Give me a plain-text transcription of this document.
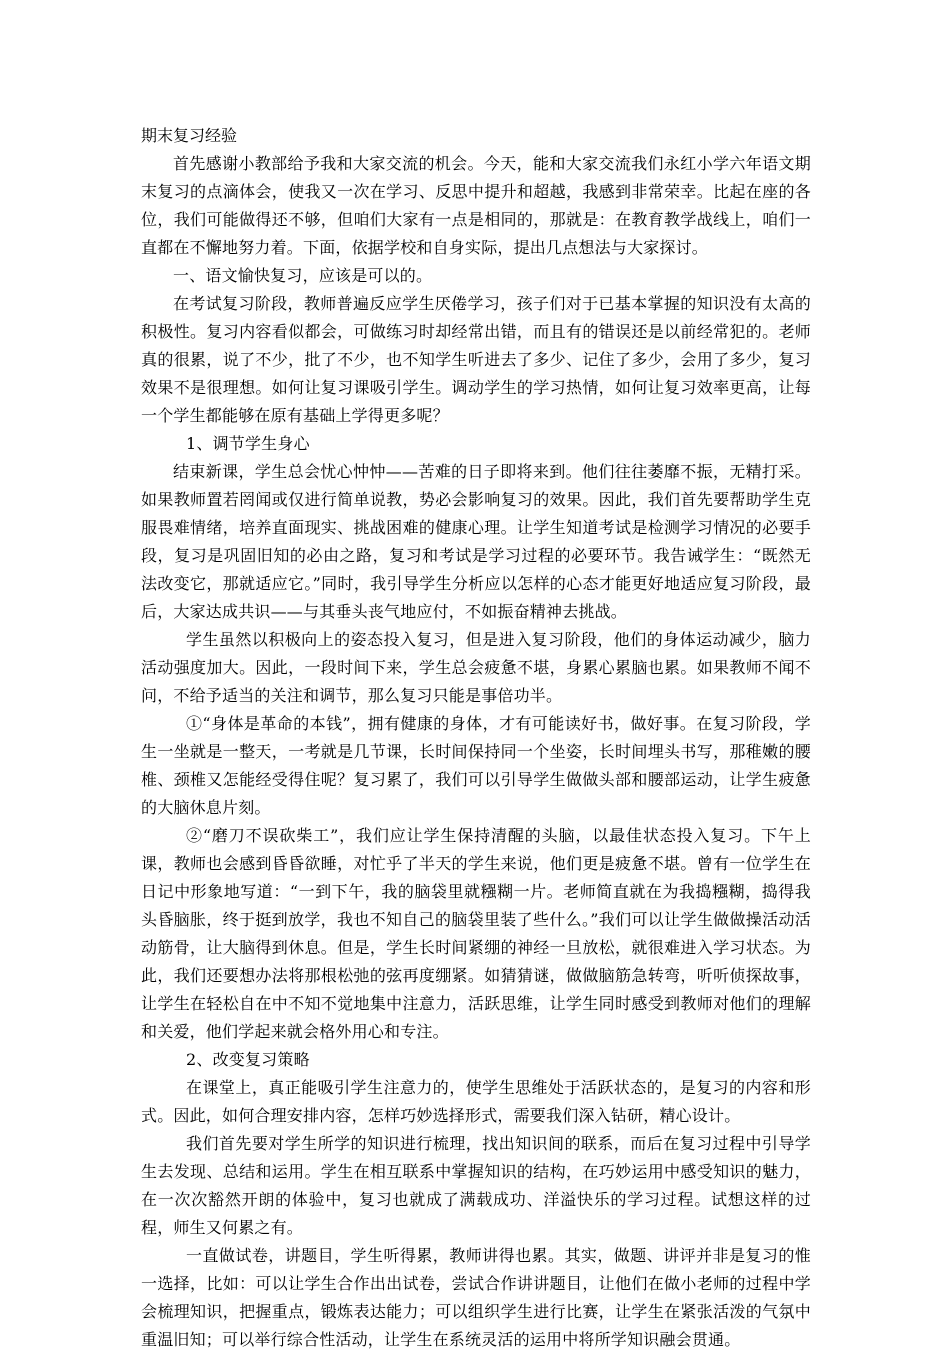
期末复习经验

首先感谢小教部给予我和大家交流的机会。今天，能和大家交流我们永红小学六年语文期末复习的点滴体会，使我又一次在学习、反思中提升和超越，我感到非常荣幸。比起在座的各位，我们可能做得还不够，但咱们大家有一点是相同的，那就是：在教育教学战线上，咱们一直都在不懈地努力着。下面，依据学校和自身实际，提出几点想法与大家探讨。

一、语文愉快复习，应该是可以的。

在考试复习阶段，教师普遍反应学生厌倦学习，孩子们对于已基本掌握的知识没有太高的积极性。复习内容看似都会，可做练习时却经常出错，而且有的错误还是以前经常犯的。老师真的很累，说了不少，批了不少，也不知学生听进去了多少、记住了多少，会用了多少，复习效果不是很理想。如何让复习课吸引学生。调动学生的学习热情，如何让复习效率更高，让每一个学生都能够在原有基础上学得更多呢？

1、调节学生身心

结束新课，学生总会忧心忡忡——苦难的日子即将来到。他们往往萎靡不振，无精打采。如果教师置若罔闻或仅进行简单说教，势必会影响复习的效果。因此，我们首先要帮助学生克服畏难情绪，培养直面现实、挑战困难的健康心理。让学生知道考试是检测学习情况的必要手段，复习是巩固旧知的必由之路，复习和考试是学习过程的必要环节。我告诫学生：“既然无法改变它，那就适应它。”同时，我引导学生分析应以怎样的心态才能更好地适应复习阶段，最后，大家达成共识——与其垂头丧气地应付，不如振奋精神去挑战。

学生虽然以积极向上的姿态投入复习，但是进入复习阶段，他们的身体运动减少，脑力活动强度加大。因此，一段时间下来，学生总会疲惫不堪，身累心累脑也累。如果教师不闻不问，不给予适当的关注和调节，那么复习只能是事倍功半。

①“身体是革命的本钱”，拥有健康的身体，才有可能读好书，做好事。在复习阶段，学生一坐就是一整天，一考就是几节课，长时间保持同一个坐姿，长时间埋头书写，那稚嫩的腰椎、颈椎又怎能经受得住呢？复习累了，我们可以引导学生做做头部和腰部运动，让学生疲惫的大脑休息片刻。

②“磨刀不误砍柴工”，我们应让学生保持清醒的头脑，以最佳状态投入复习。下午上课，教师也会感到昏昏欲睡，对忙乎了半天的学生来说，他们更是疲惫不堪。曾有一位学生在日记中形象地写道：“一到下午，我的脑袋里就糨糊一片。老师简直就在为我捣糨糊，捣得我头昏脑胀，终于挺到放学，我也不知自己的脑袋里装了些什么。”我们可以让学生做做操活动活动筋骨，让大脑得到休息。但是，学生长时间紧绷的神经一旦放松，就很难进入学习状态。为此，我们还要想办法将那根松弛的弦再度绷紧。如猜猜谜，做做脑筋急转弯，听听侦探故事，让学生在轻松自在中不知不觉地集中注意力，活跃思维，让学生同时感受到教师对他们的理解和关爱，他们学起来就会格外用心和专注。

2、改变复习策略

在课堂上，真正能吸引学生注意力的，使学生思维处于活跃状态的，是复习的内容和形式。因此，如何合理安排内容，怎样巧妙选择形式，需要我们深入钻研，精心设计。

我们首先要对学生所学的知识进行梳理，找出知识间的联系，而后在复习过程中引导学生去发现、总结和运用。学生在相互联系中掌握知识的结构，在巧妙运用中感受知识的魅力，在一次次豁然开朗的体验中，复习也就成了满载成功、洋溢快乐的学习过程。试想这样的过程，师生又何累之有。

一直做试卷，讲题目，学生听得累，教师讲得也累。其实，做题、讲评并非是复习的惟一选择，比如：可以让学生合作出出试卷，尝试合作讲讲题目，让他们在做小老师的过程中学会梳理知识，把握重点，锻炼表达能力；可以组织学生进行比赛，让学生在紧张活泼的气氛中重温旧知；可以举行综合性活动，让学生在系统灵活的运用中将所学知识融会贯通。
